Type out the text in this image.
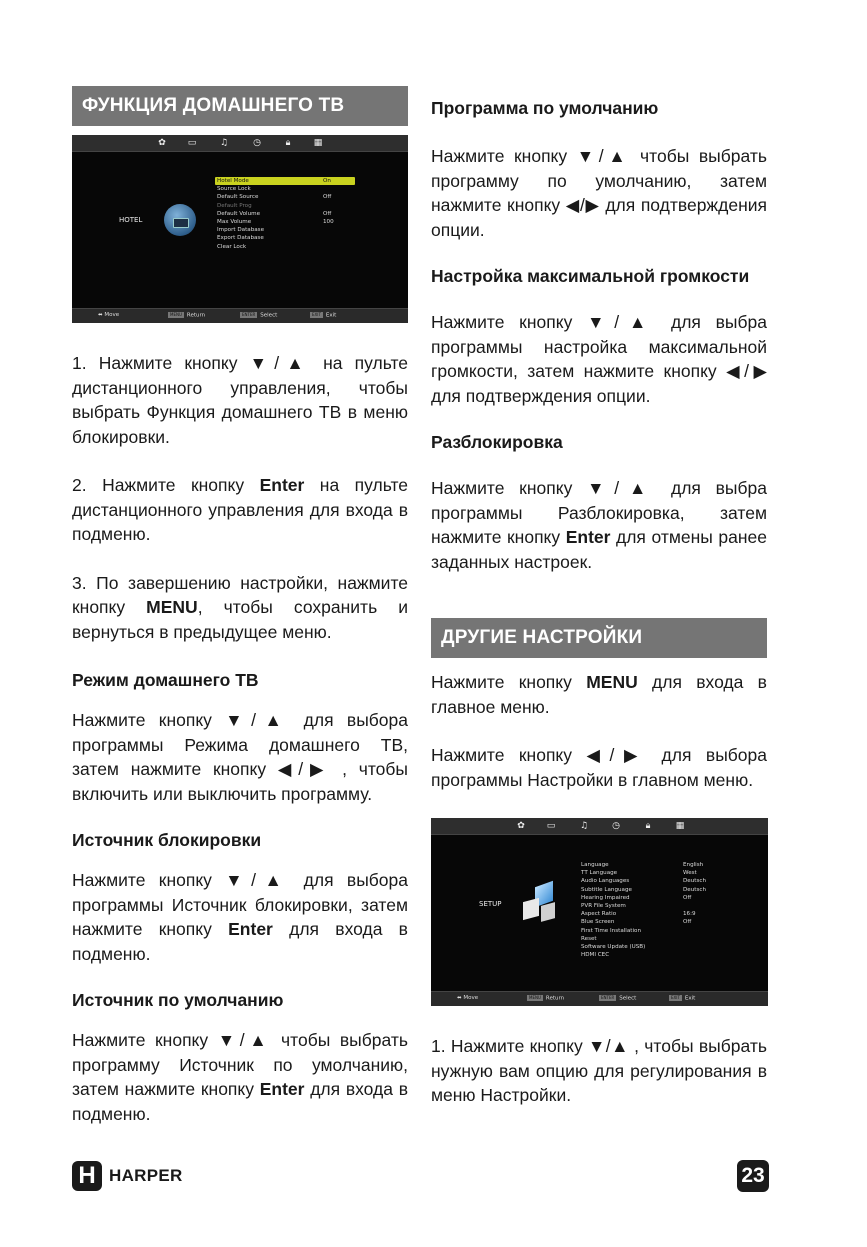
ФУНКЦИЯ ДОМАШНЕГО ТВ
✿ ▭	♫	◷	🔒︎	▦
HOTEL
Hotel Mode	On
Source Lock
Default Source	Off
Default Prog
Default Volume	Off
Max Volume	100
Import Database
Export Database
Clear Lock
⬌ Move	MENU Return	ENTER Select	EXIT Exit

1. Нажмите кнопку ▼/▲ на пульте дистанционного управления, чтобы выбрать Функция домашнего ТВ в меню блокировки.

2. Нажмите кнопку Enter на пульте дистанционного управления для входа в подменю.

3. По завершению настройки, нажмите кнопку MENU, чтобы сохранить и вернуться в предыдущее меню.

Режим домашнего ТВ

Нажмите кнопку ▼/▲ для выбора программы Режима домашнего ТВ, затем нажмите кнопку ◀/▶ , чтобы включить или выключить программу.

Источник блокировки

Нажмите кнопку ▼/▲ для выбора программы Источник блокировки, затем нажмите кнопку Enter для входа в подменю.

Источник по умолчанию

Нажмите кнопку ▼/▲ чтобы выбрать программу Источник по умолчанию, затем нажмите кнопку Enter для входа в подменю.

Программа по умолчанию

Нажмите кнопку ▼/▲ чтобы выбрать программу по умолчанию, затем нажмите кнопку ◀/▶ для подтверждения опции.

Настройка максимальной громкости

Нажмите кнопку ▼/▲ для выбра программы настройка максимальной громкости, затем нажмите кнопку ◀/▶ для подтверждения опции.

Разблокировка

Нажмите кнопку ▼/▲ для выбра программы Разблокировка, затем нажмите кнопку Enter для отмены ранее заданных настроек.

ДРУГИЕ НАСТРОЙКИ

Нажмите кнопку MENU для входа в главное меню.

Нажмите кнопку ◀/▶ для выбора программы Настройки в главном меню.

✿ ▭	♫	◷	🔒︎	▦
SETUP
Language	English
TT Language	West
Audio Languages	Deutsch
Subtitle Language	Deutsch
Hearing Impaired	Off
PVR File System
Aspect Ratio	16:9
Blue Screen	Off
First Time Installation
Reset
Software Update (USB)
HDMI CEC
⬌ Move	MENU Return	ENTER Select	EXIT Exit

1. Нажмите кнопку ▼/▲ , чтобы выбрать нужную вам опцию для регулирования в меню Настройки.

H HARPER	23
